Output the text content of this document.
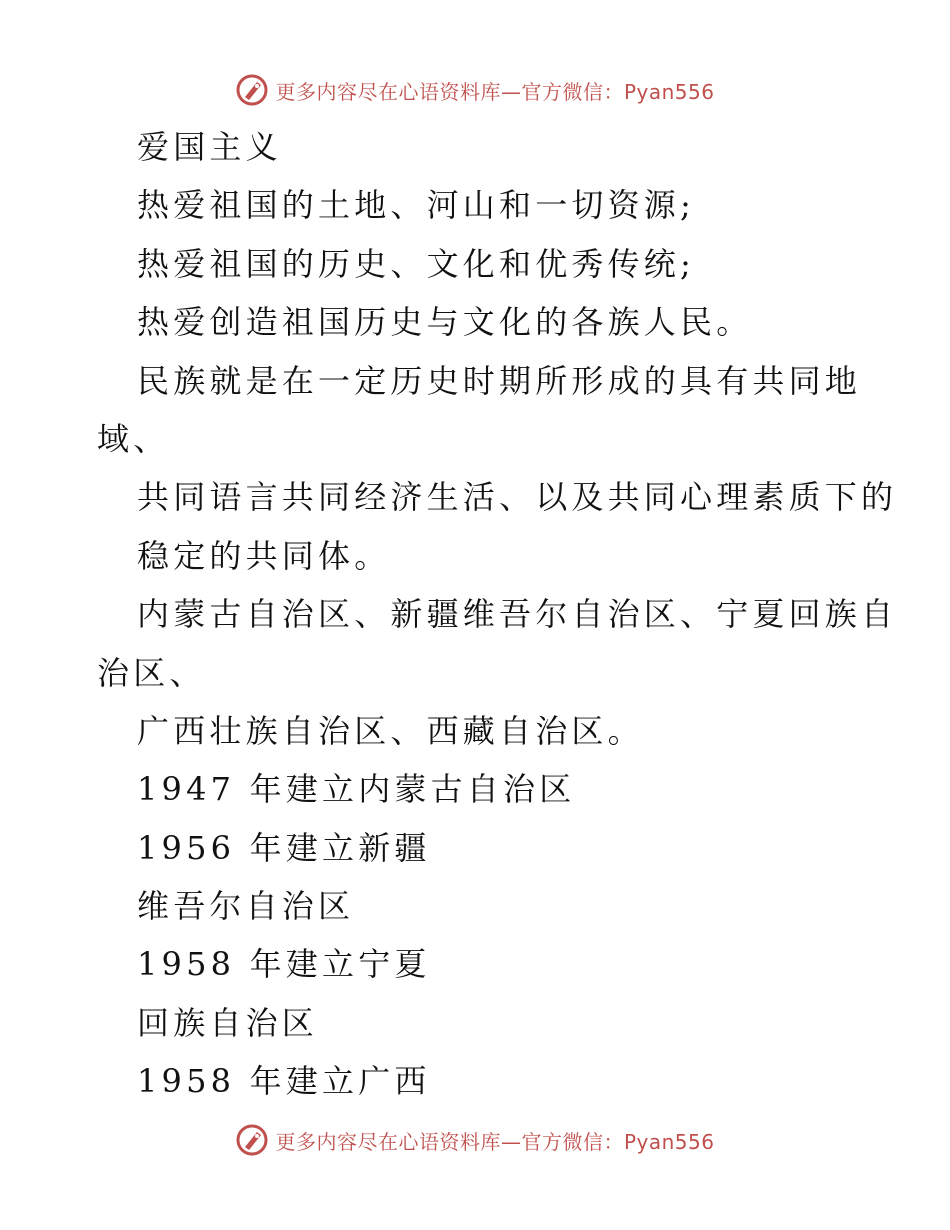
更多内容尽在心语资料库—官方微信：Pyan556
爱国主义
热爱祖国的土地、河山和一切资源;
热爱祖国的历史、文化和优秀传统;
热爱创造祖国历史与文化的各族人民。
民族就是在一定历史时期所形成的具有共同地
域、
共同语言共同经济生活、以及共同心理素质下的
稳定的共同体。
内蒙古自治区、新疆维吾尔自治区、宁夏回族自
治区、
广西壮族自治区、西藏自治区。
1947 年建立内蒙古自治区
1956 年建立新疆
维吾尔自治区
1958 年建立宁夏
回族自治区
1958 年建立广西
更多内容尽在心语资料库—官方微信：Pyan556
